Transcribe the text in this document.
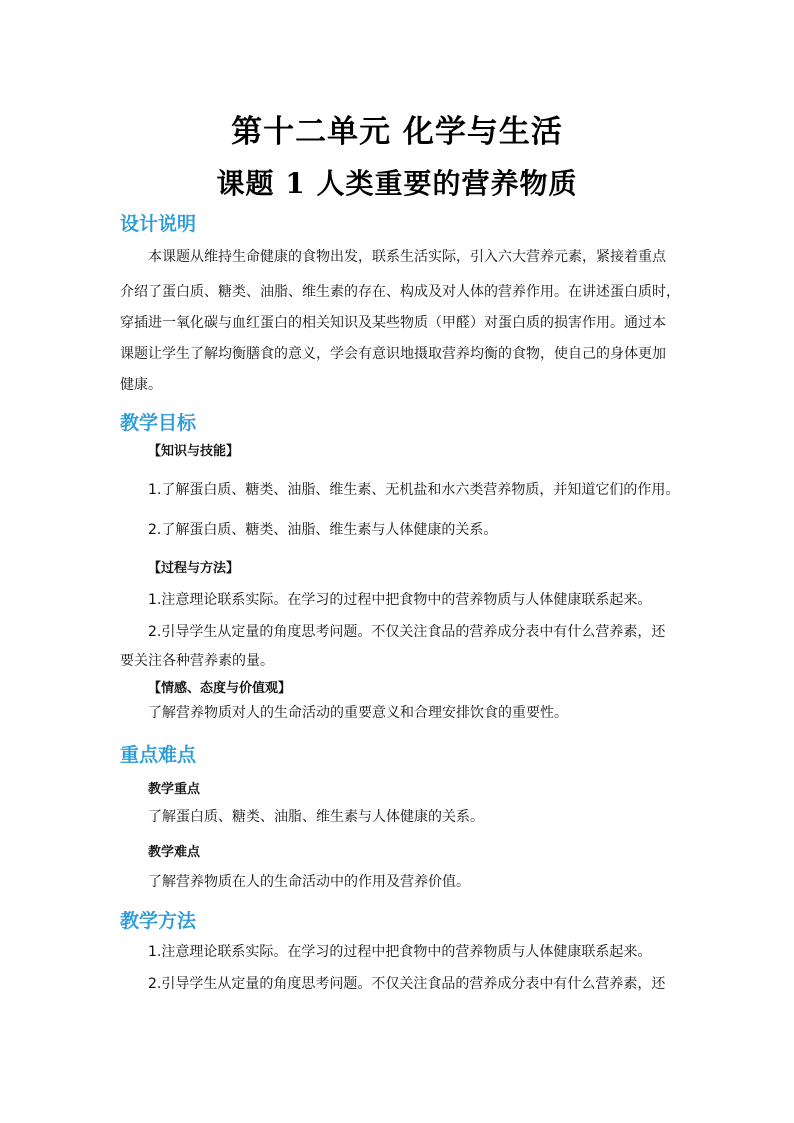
第十二单元 化学与生活
课题 1 人类重要的营养物质
设计说明
本课题从维持生命健康的食物出发，联系生活实际，引入六大营养元素，紧接着重点
介绍了蛋白质、糖类、油脂、维生素的存在、构成及对人体的营养作用。在讲述蛋白质时，
穿插进一氧化碳与血红蛋白的相关知识及某些物质（甲醛）对蛋白质的损害作用。通过本
课题让学生了解均衡膳食的意义，学会有意识地摄取营养均衡的食物，使自己的身体更加
健康。
教学目标
【知识与技能】
1.了解蛋白质、糖类、油脂、维生素、无机盐和水六类营养物质，并知道它们的作用。
2.了解蛋白质、糖类、油脂、维生素与人体健康的关系。
【过程与方法】
1.注意理论联系实际。在学习的过程中把食物中的营养物质与人体健康联系起来。
2.引导学生从定量的角度思考问题。不仅关注食品的营养成分表中有什么营养素，还
要关注各种营养素的量。
【情感、态度与价值观】
了解营养物质对人的生命活动的重要意义和合理安排饮食的重要性。
重点难点
教学重点
了解蛋白质、糖类、油脂、维生素与人体健康的关系。
教学难点
了解营养物质在人的生命活动中的作用及营养价值。
教学方法
1.注意理论联系实际。在学习的过程中把食物中的营养物质与人体健康联系起来。
2.引导学生从定量的角度思考问题。不仅关注食品的营养成分表中有什么营养素，还
